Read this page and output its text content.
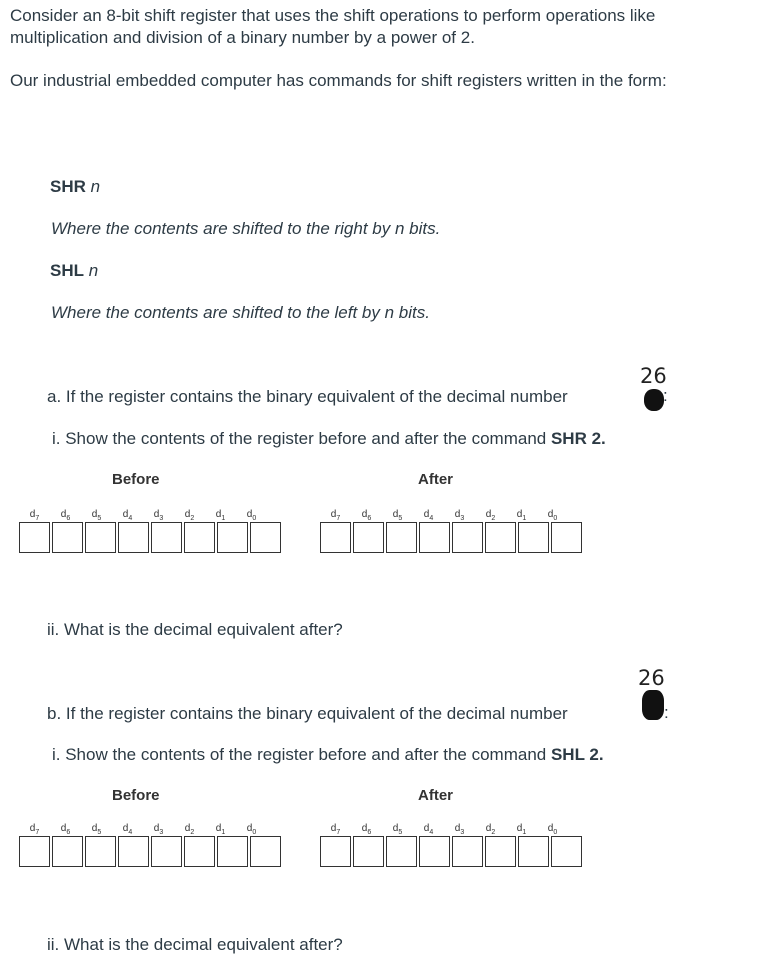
Consider an 8-bit shift register that uses the shift operations to perform operations like multiplication and division of a binary number by a power of 2.
Our industrial embedded computer has commands for shift registers written in the form:
SHR n
Where the contents are shifted to the right by n bits.
SHL n
Where the contents are shifted to the left by n bits.
26
a. If the register contains the binary equivalent of the decimal number	:
i. Show the contents of the register before and after the command SHR 2.
Before	After
$d_7$	$d_6$	$d_5$	$d_4$	$d_3$	$d_2$	$d_1$	$d_0$	$d_7$	$d_6$	$d_5$	$d_4$	$d_3$	$d_2$	$d_1$	$d_0$
ii. What is the decimal equivalent after?
26
b. If the register contains the binary equivalent of the decimal number	:
i. Show the contents of the register before and after the command SHL 2.
Before	After
$d_7$	$d_6$	$d_5$	$d_4$	$d_3$	$d_2$	$d_1$	$d_0$	$d_7$	$d_6$	$d_5$	$d_4$	$d_3$	$d_2$	$d_1$	$d_0$
ii. What is the decimal equivalent after?
